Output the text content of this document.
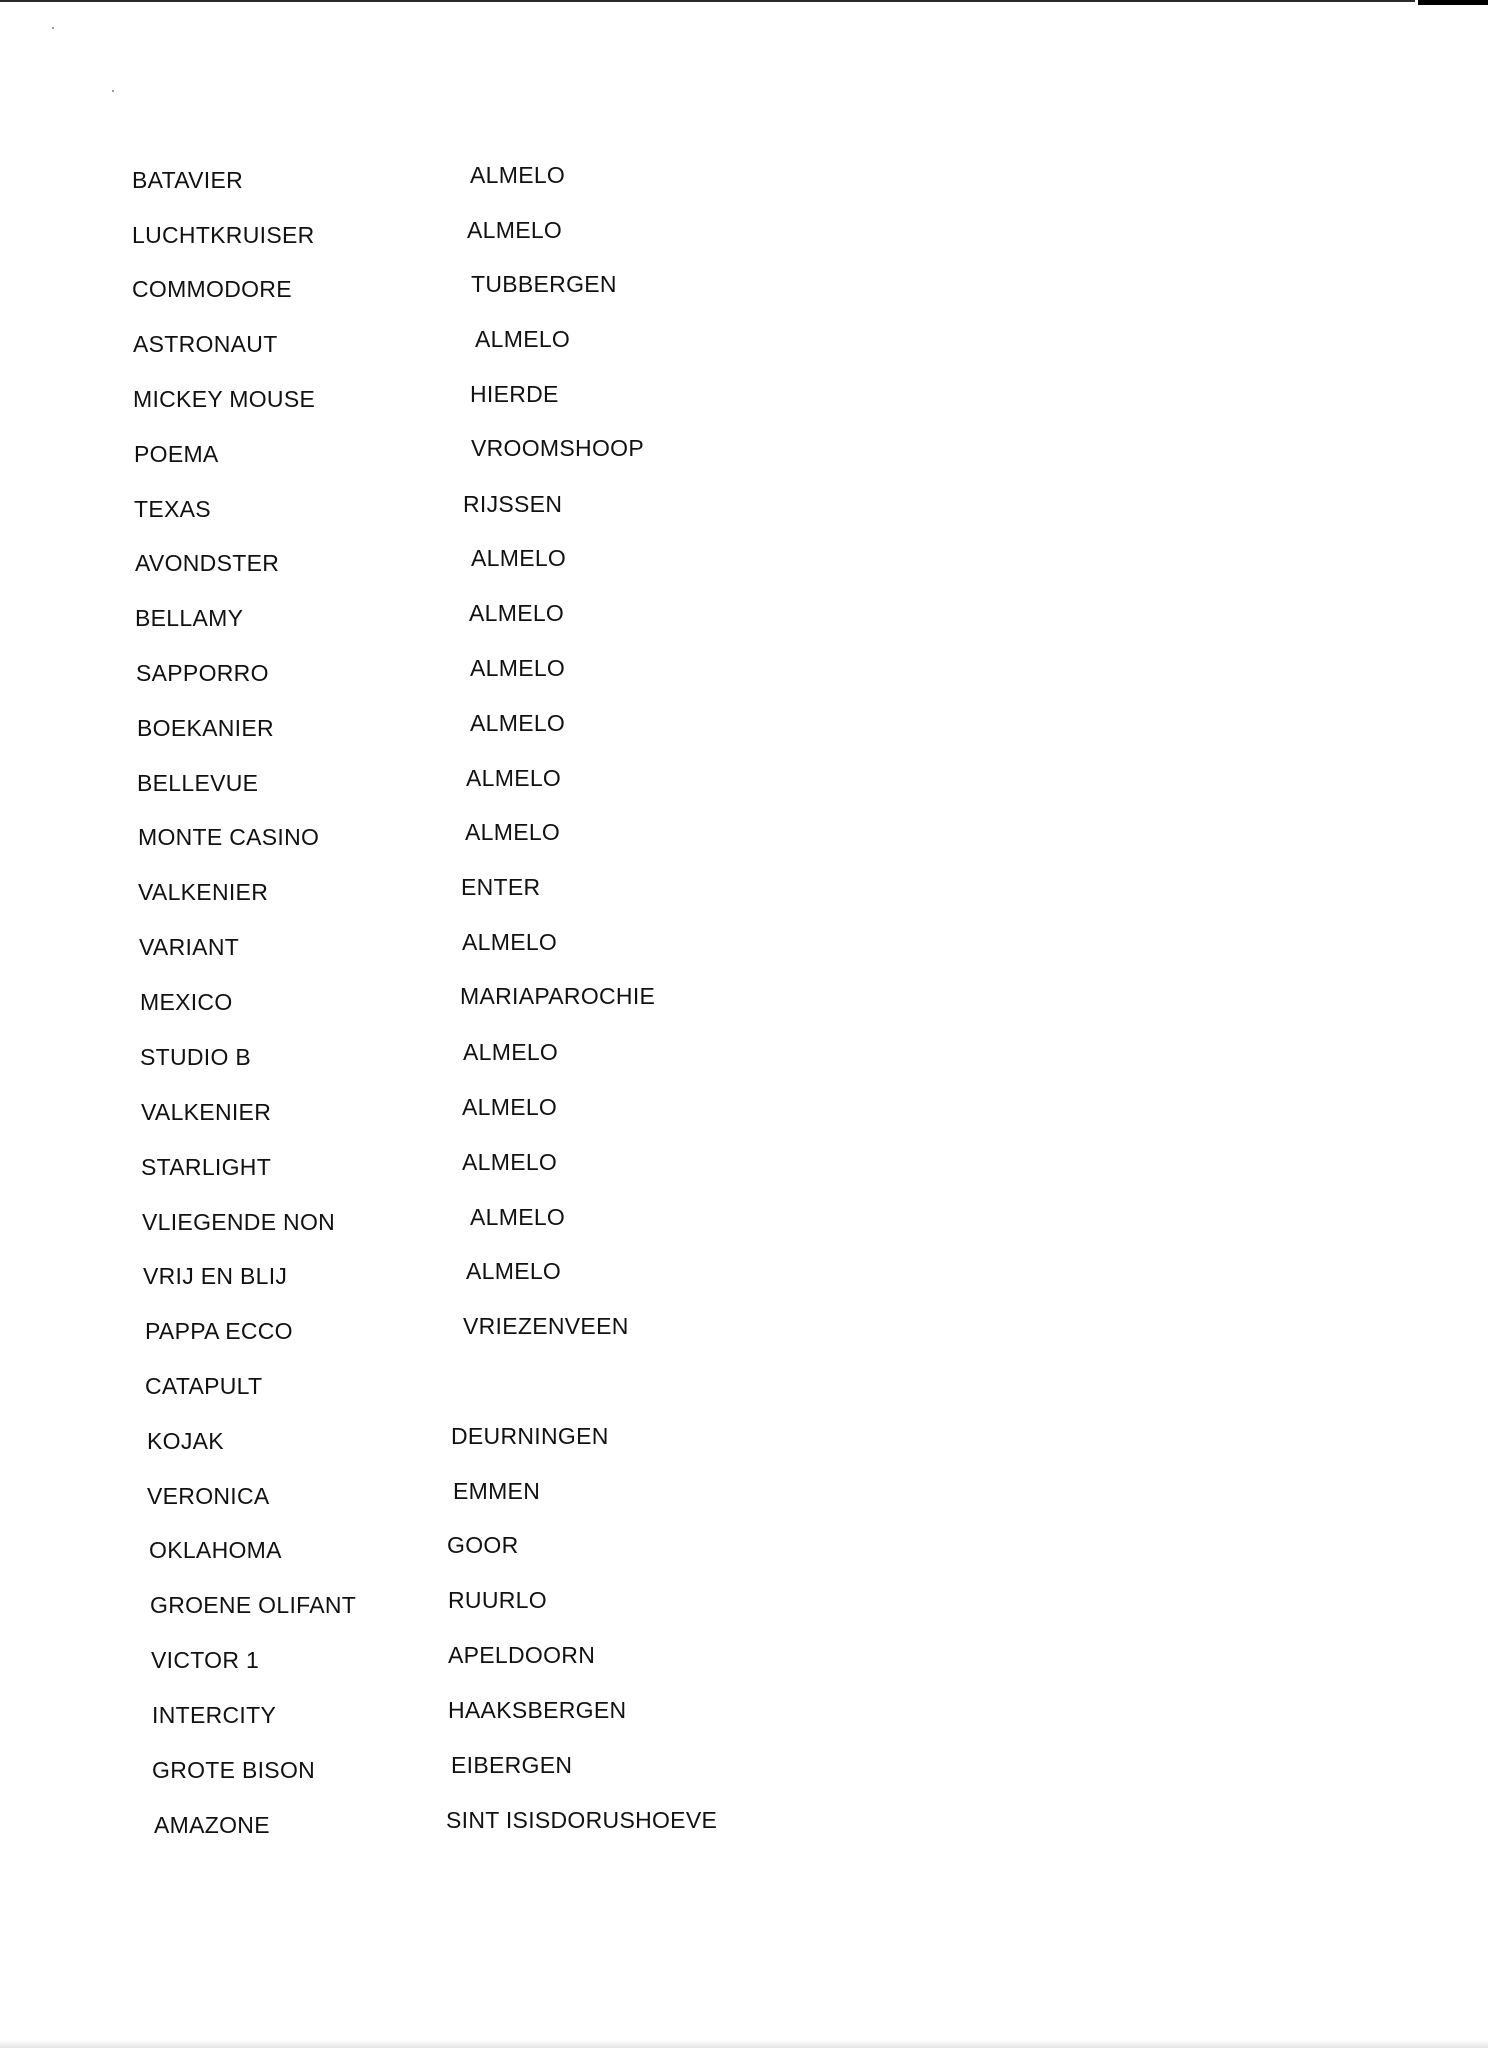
BATAVIER	ALMELO
LUCHTKRUISER	ALMELO
COMMODORE	TUBBERGEN
ASTRONAUT	ALMELO
MICKEY MOUSE	HIERDE
POEMA	VROOMSHOOP
TEXAS	RIJSSEN
AVONDSTER	ALMELO
BELLAMY	ALMELO
SAPPORRO	ALMELO
BOEKANIER	ALMELO
BELLEVUE	ALMELO
MONTE CASINO	ALMELO
VALKENIER	ENTER
VARIANT	ALMELO
MEXICO	MARIAPAROCHIE
STUDIO B	ALMELO
VALKENIER	ALMELO
STARLIGHT	ALMELO
VLIEGENDE NON	ALMELO
VRIJ EN BLIJ	ALMELO
PAPPA ECCO	VRIEZENVEEN
CATAPULT
KOJAK	DEURNINGEN
VERONICA	EMMEN
OKLAHOMA	GOOR
GROENE OLIFANT	RUURLO
VICTOR 1	APELDOORN
INTERCITY	HAAKSBERGEN
GROTE BISON	EIBERGEN
AMAZONE	SINT ISISDORUSHOEVE
